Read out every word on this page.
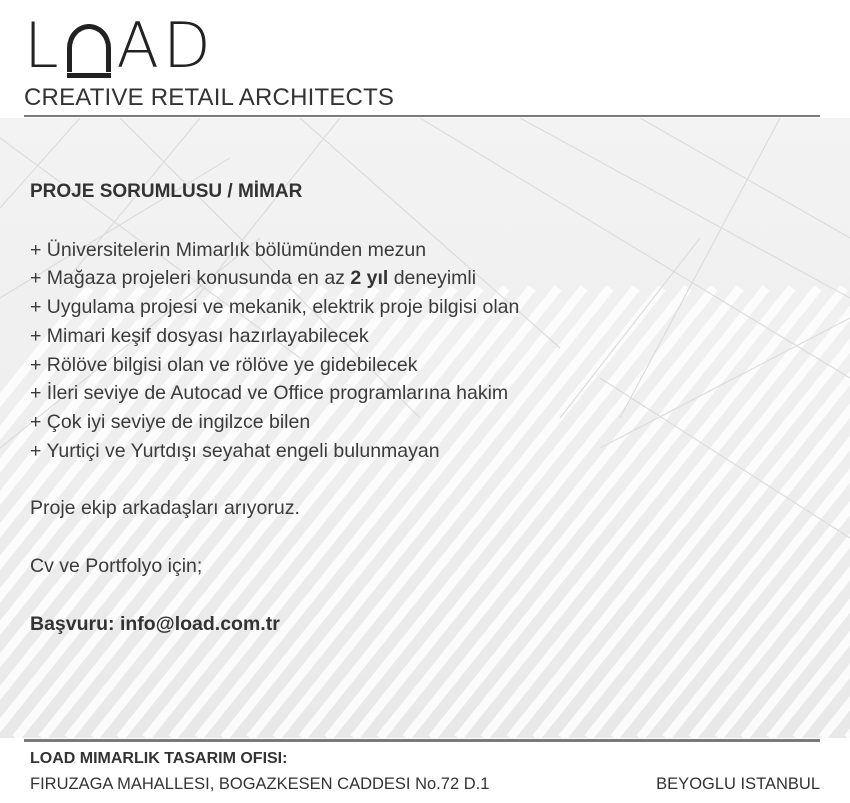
L A D
CREATIVE RETAIL ARCHITECTS
PROJE SORUMLUSU / MİMAR
+ Üniversitelerin Mimarlık bölümünden mezun
+ Mağaza projeleri konusunda en az 2 yıl deneyimli
+ Uygulama projesi ve mekanik, elektrik proje bilgisi olan
+ Mimari keşif dosyası hazırlayabilecek
+ Rölöve bilgisi olan ve rölöve ye gidebilecek
+ İleri seviye de Autocad ve Office programlarına hakim
+ Çok iyi seviye de ingilzce bilen
+ Yurtiçi ve Yurtdışı seyahat engeli bulunmayan
Proje ekip arkadaşları arıyoruz.
Cv ve Portfolyo için;
Başvuru: info@load.com.tr
LOAD MIMARLIK TASARIM OFISI:
FIRUZAGA MAHALLESI, BOGAZKESEN CADDESI No.72 D.1	BEYOGLU ISTANBUL
